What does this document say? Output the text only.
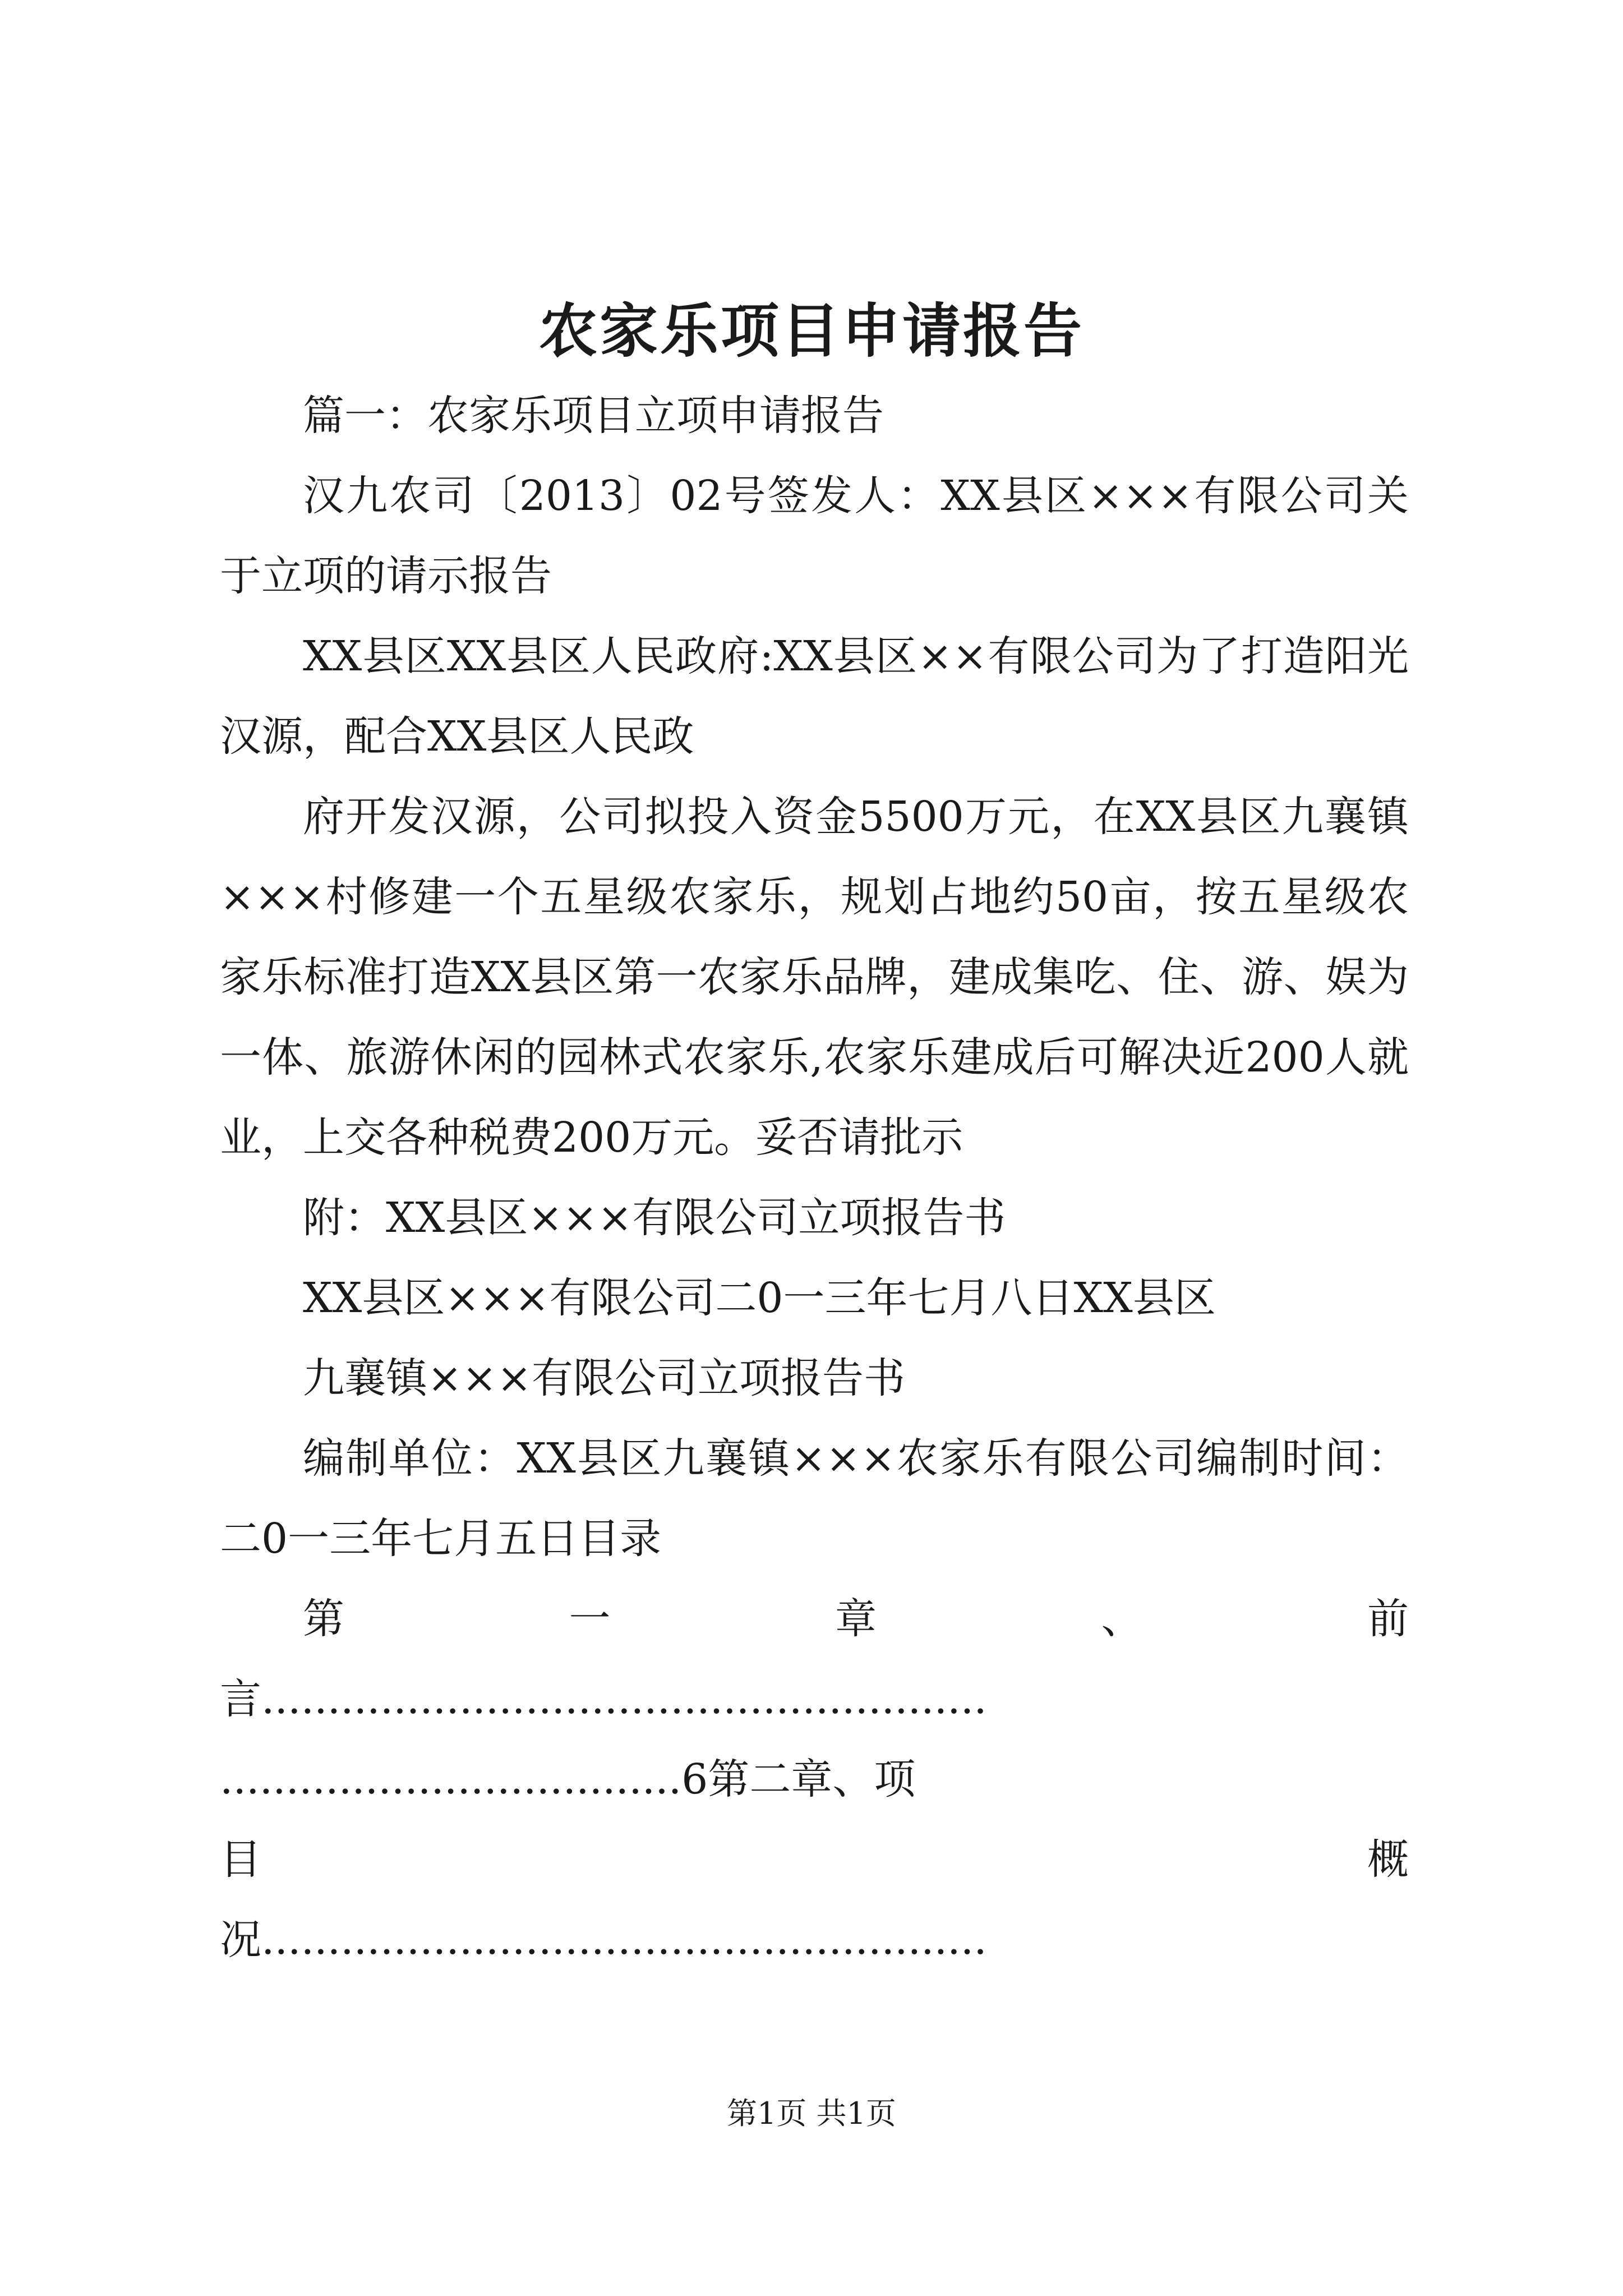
农家乐项目申请报告

篇一：农家乐项目立项申请报告

汉九农司〔2013〕02号签发人：XX县区×××有限公司关于立项的请示报告

XX县区XX县区人民政府:XX县区××有限公司为了打造阳光汉源，配合XX县区人民政

府开发汉源，公司拟投入资金5500万元，在XX县区九襄镇×××村修建一个五星级农家乐，规划占地约50亩，按五星级农家乐标准打造XX县区第一农家乐品牌，建成集吃、住、游、娱为一体、旅游休闲的园林式农家乐,农家乐建成后可解决近200人就业，上交各种税费200万元。妥否请批示

附：XX县区×××有限公司立项报告书

XX县区×××有限公司二0一三年七月八日XX县区

九襄镇×××有限公司立项报告书

编制单位：XX县区九襄镇×××农家乐有限公司编制时间：二0一三年七月五日目录

第	一	章	、	前
言.......................................................
...................................6第二章、项
目	概
况.......................................................
第1页 共1页
